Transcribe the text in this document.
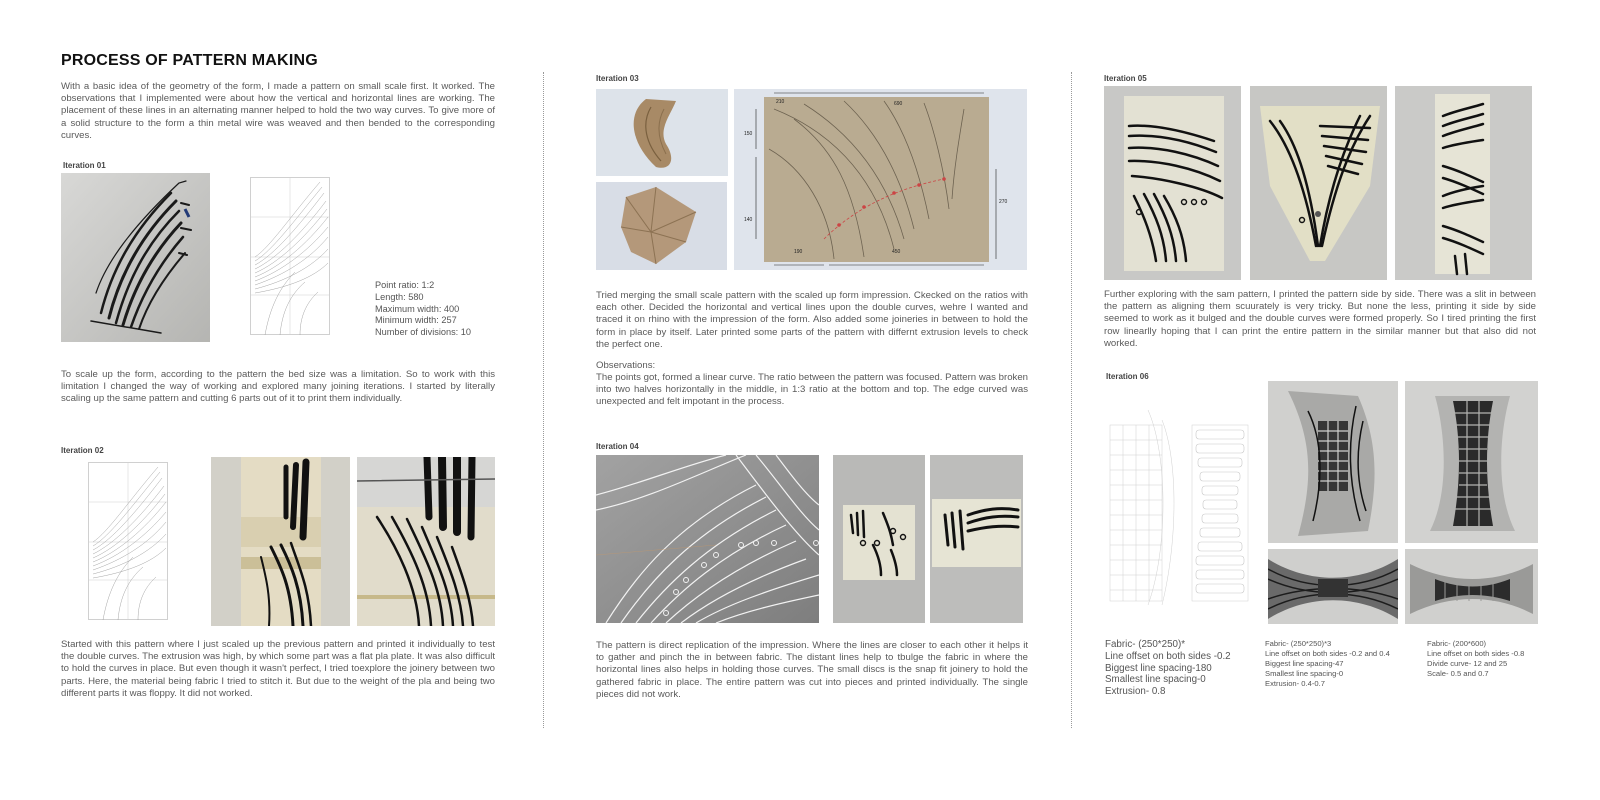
PROCESS OF PATTERN MAKING

With a basic idea of the geometry of the form, I made a pattern on small scale first. It worked. The observations that I implemented were about how the vertical and horizontal lines are working. The placement of these lines in an alternating manner helped to hold the two way curves. To give more of a solid structure to the form a thin metal wire was weaved and then bended to the corresponding curves.

Iteration 01
Point ratio: 1:2
Length: 580
Maximum width: 400
Minimum width: 257
Number of divisions: 10

To scale up the form, according to the pattern the bed size was a limitation. So to work with this limitation I changed the way of working and explored many joining iterations. I started by literally scaling up the same pattern and cutting 6 parts out of it to print them individually.

Iteration 02

Started with this pattern where I just scaled up the previous pattern and printed it individually to test the double curves. The extrusion was high, by which some part was a flat pla plate. It was also difficult to hold the curves in place. But even though it wasn't perfect, I tried toexplore the joinery between two parts. Here, the material being fabric I tried to stitch it. But due to the weight of the pla and being two different parts it was floppy. It did not worked.

Iteration 03
150
140
210	690
270
190	450

Tried merging the small scale pattern with the scaled up form impression. Ckecked on the ratios with each other. Decided the horizontal and vertical lines upon the double curves, wehre I wanted and traced it on rhino with the impression of the form. Also added some joineries in between to hold the form in place by itself. Later printed some parts of the pattern with differnt extrusion levels to check the perfect one.

Observations:

The points got, formed a linear curve. The ratio between the pattern was focused. Pattern was broken into two halves horizontally in the middle, in 1:3 ratio at the bottom and top. The edge curved was unexpected and felt impotant in the process.

Iteration 04

The pattern is direct replication of the impression. Where the lines are closer to each other it helps it to gather and pinch the in between fabric. The distant lines help to tbulge the fabric in where the horizontal lines also helps in holding those curves. The small discs is the snap fit joinery to hold the gathered fabric in place. The entire pattern was cut into pieces and printed individually. The single pieces did not work.

Iteration 05

Further exploring with the sam pattern, I printed the pattern side by side. There was a slit in between the pattern as aligning them scuurately is very tricky. But none the less, printing it side by side seemed to work as it bulged and the double curves were formed properly. So I tired printing the first row linearlly hoping that I can print the entire pattern in the similar manner but that also did not worked.

Iteration 06
Fabric- (250*250)*
Line offset on both sides -0.2
Biggest line spacing-180
Smallest line spacing-0
Extrusion- 0.8
Fabric- (250*250)*3
Line offset on both sides -0.2 and 0.4
Biggest line spacing-47
Smallest line spacing-0
Extrusion- 0.4-0.7
Fabric- (200*600)
Line offset on both sides -0.8
Divide curve- 12 and 25
Scale- 0.5 and 0.7
